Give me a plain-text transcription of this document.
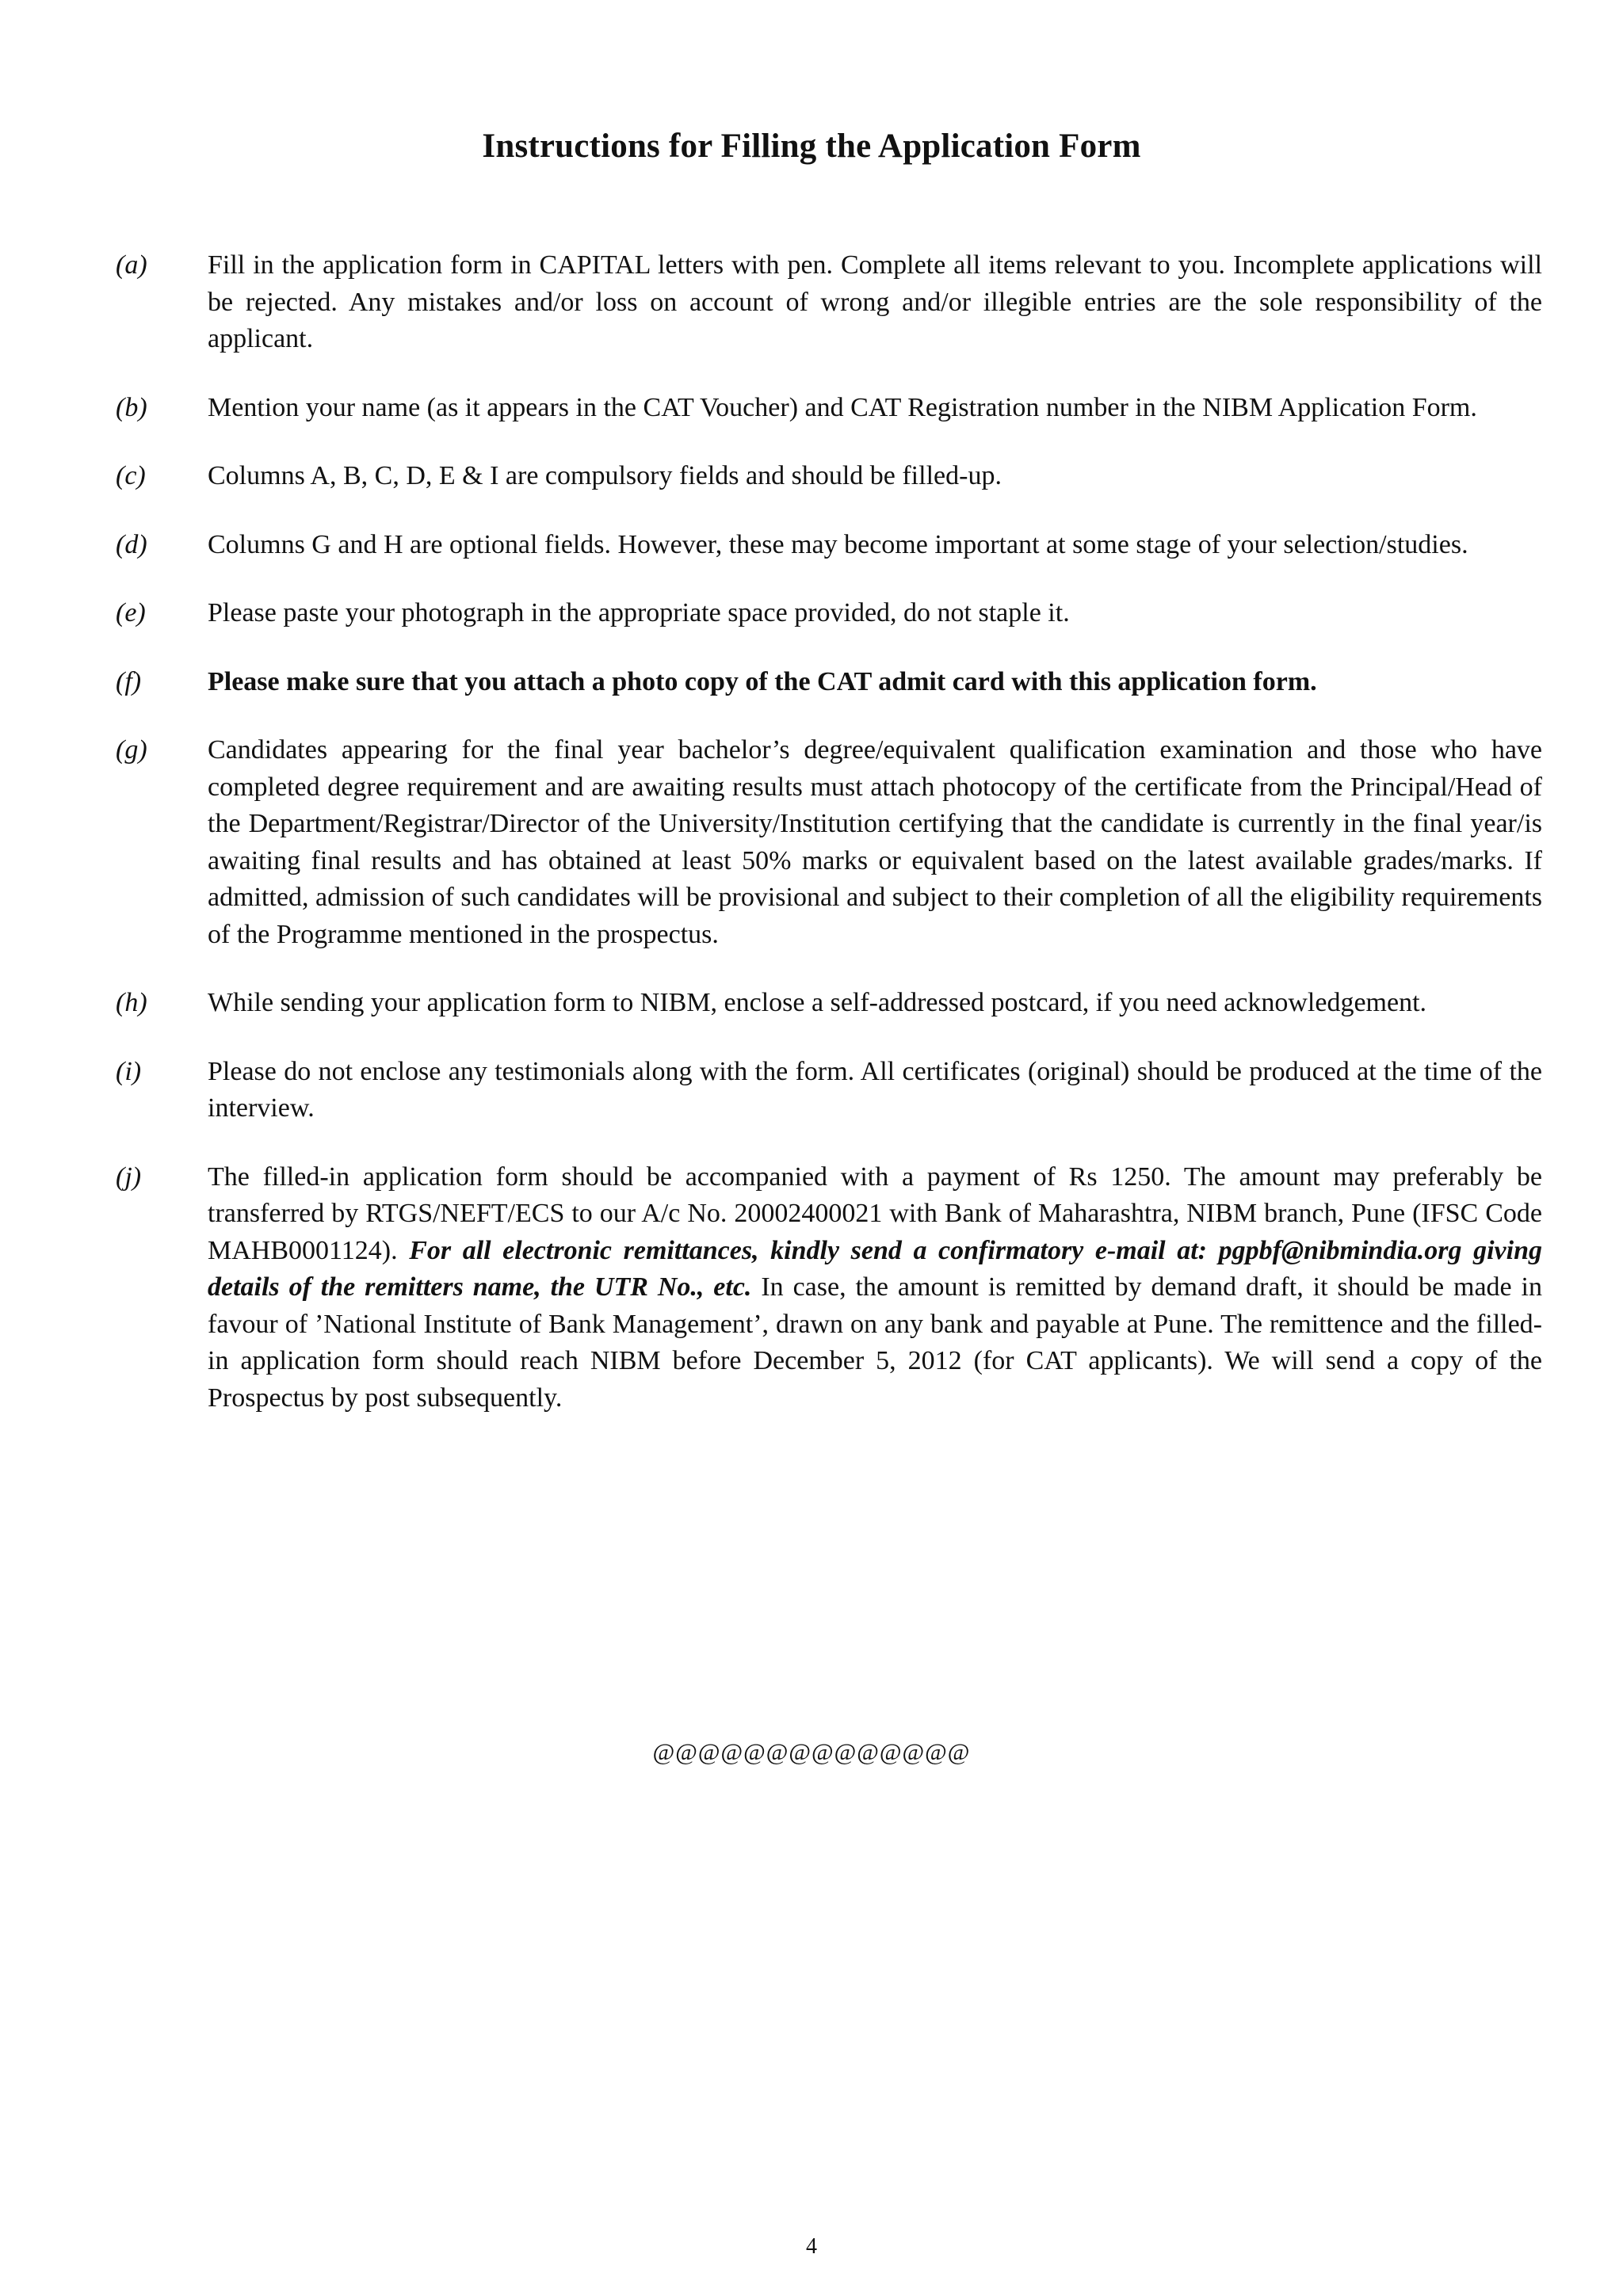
Instructions for Filling the Application Form
(a)	Fill in the application form in CAPITAL letters with pen. Complete all items relevant to you. Incomplete applications will be rejected. Any mistakes and/or loss on account of wrong and/or illegible entries are the sole responsibility of the applicant.
(b)	Mention your name (as it appears in the CAT Voucher) and CAT Registration number in the NIBM Application Form.
(c)	Columns A, B, C, D, E & I are compulsory fields and should be filled-up.
(d)	Columns G and H are optional fields. However, these may become important at some stage of your selection/studies.
(e)	Please paste your photograph in the appropriate space provided, do not staple it.
(f)	Please make sure that you attach a photo copy of the CAT admit card with this application form.
(g)	Candidates appearing for the final year bachelor’s degree/equivalent qualification examination and those who have completed degree requirement and are awaiting results must attach photocopy of the certificate from the Principal/Head of the Department/Registrar/Director of the University/Institution certifying that the candidate is currently in the final year/is awaiting final results and has obtained at least 50% marks or equivalent based on the latest available grades/marks. If admitted, admission of such candidates will be provisional and subject to their completion of all the eligibility requirements of the Programme mentioned in the prospectus.
(h)	While sending your application form to NIBM, enclose a self-addressed postcard, if you need acknowledgement.
(i)	Please do not enclose any testimonials along with the form. All certificates (original) should be produced at the time of the interview.
(j)	The filled-in application form should be accompanied with a payment of Rs 1250. The amount may preferably be transferred by RTGS/NEFT/ECS to our A/c No. 20002400021 with Bank of Maharashtra, NIBM branch, Pune (IFSC Code MAHB0001124). For all electronic remittances, kindly send a confirmatory e-mail at: pgpbf@nibmindia.org giving details of the remitters name, the UTR No., etc. In case, the amount is remitted by demand draft, it should be made in favour of ’National Institute of Bank Management’, drawn on any bank and payable at Pune. The remittence and the filled-in application form should reach NIBM before December 5, 2012 (for CAT applicants). We will send a copy of the Prospectus by post subsequently.
@@@@@@@@@@@@@@
4
